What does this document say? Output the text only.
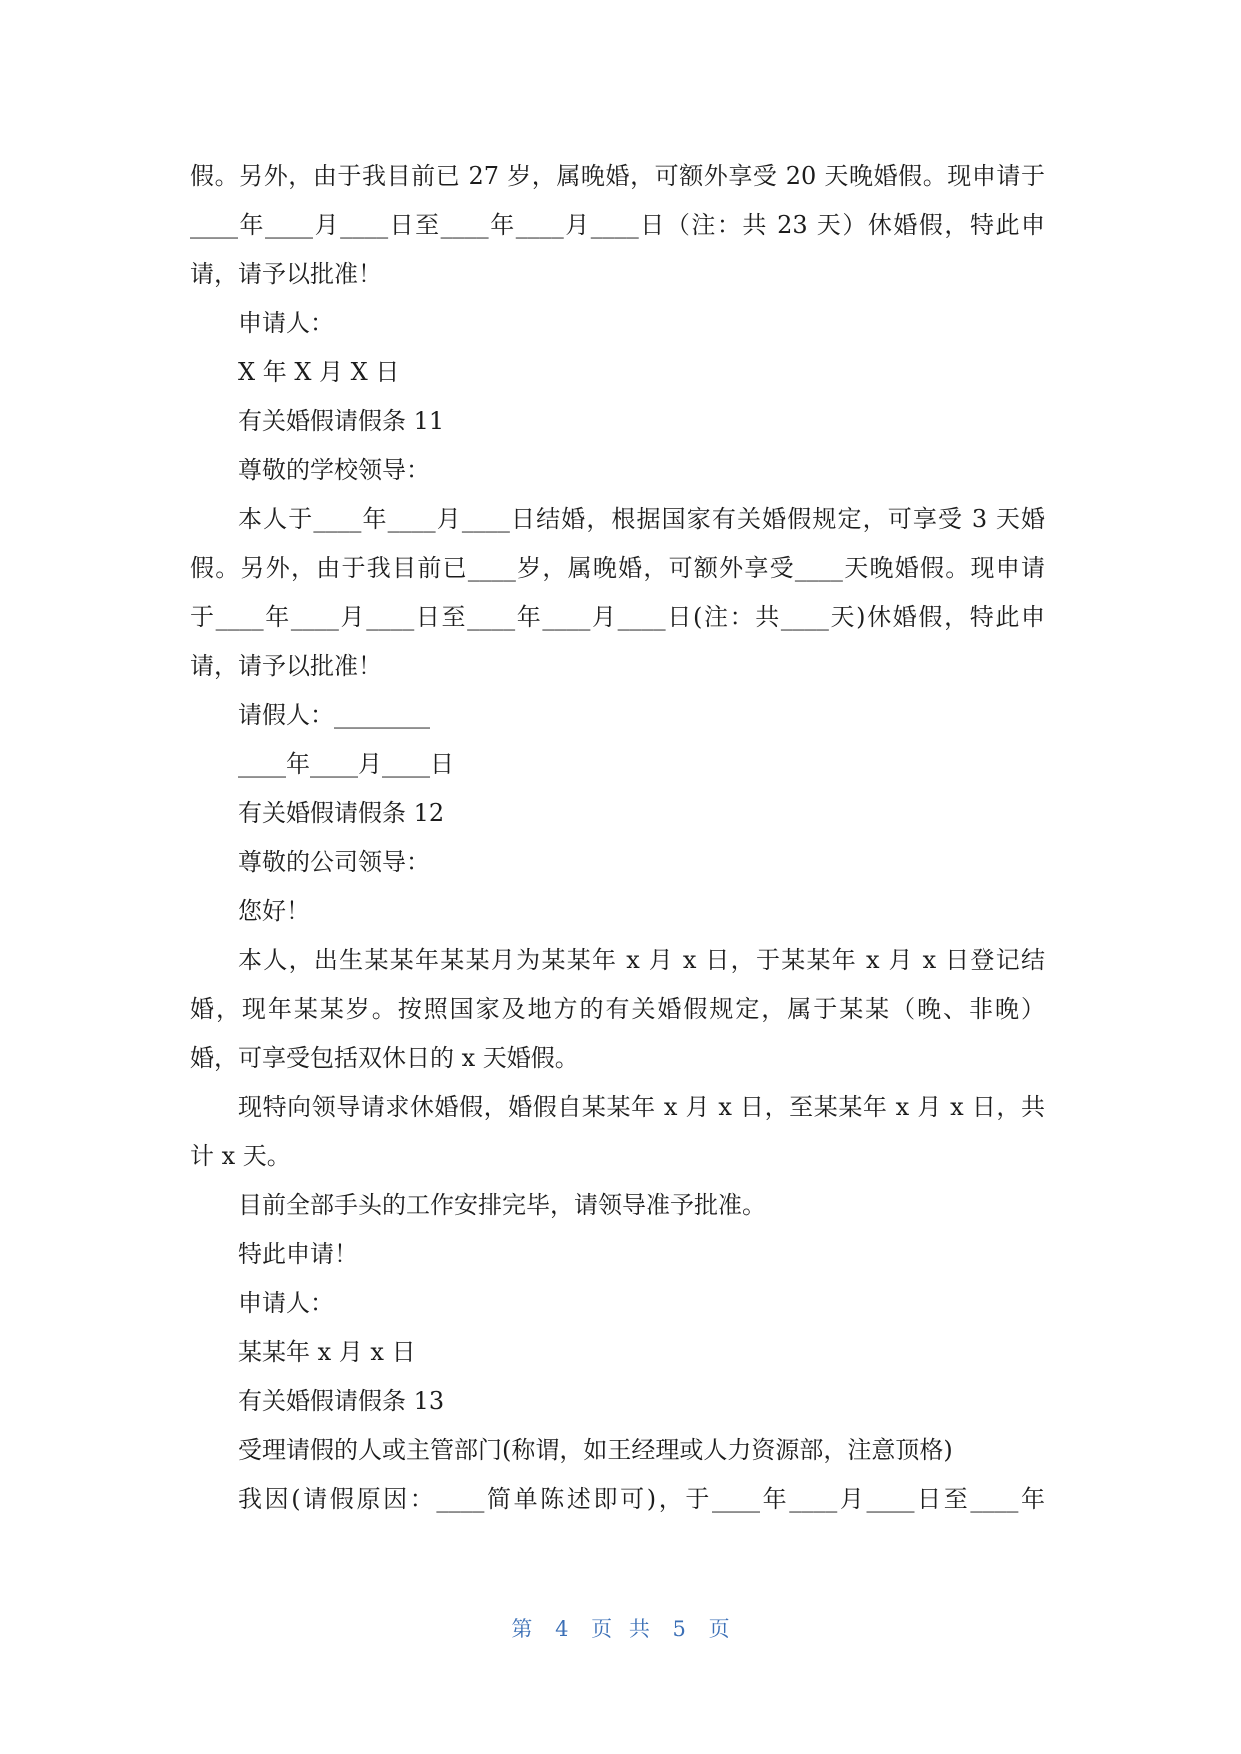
假。另外，由于我目前已 27 岁，属晚婚，可额外享受 20 天晚婚假。现申请于
____年____月____日至____年____月____日（注：共 23 天）休婚假，特此申
请，请予以批准！
申请人：
X 年 X 月 X 日
有关婚假请假条 11
尊敬的学校领导：
本人于____年____月____日结婚，根据国家有关婚假规定，可享受 3 天婚
假。另外，由于我目前已____岁，属晚婚，可额外享受____天晚婚假。现申请
于____年____月____日至____年____月____日(注：共____天)休婚假，特此申
请，请予以批准！
请假人：________
____年____月____日
有关婚假请假条 12
尊敬的公司领导：
您好！
本人，出生某某年某某月为某某年 x 月 x 日，于某某年 x 月 x 日登记结
婚，现年某某岁。按照国家及地方的有关婚假规定，属于某某（晚、非晚）
婚，可享受包括双休日的 x 天婚假。
现特向领导请求休婚假，婚假自某某年 x 月 x 日，至某某年 x 月 x 日，共
计 x 天。
目前全部手头的工作安排完毕，请领导准予批准。
特此申请！
申请人：
某某年 x 月 x 日
有关婚假请假条 13
受理请假的人或主管部门(称谓，如王经理或人力资源部，注意顶格)
我因(请假原因：____简单陈述即可)，于____年____月____日至____年
第 4 页 共 5 页
